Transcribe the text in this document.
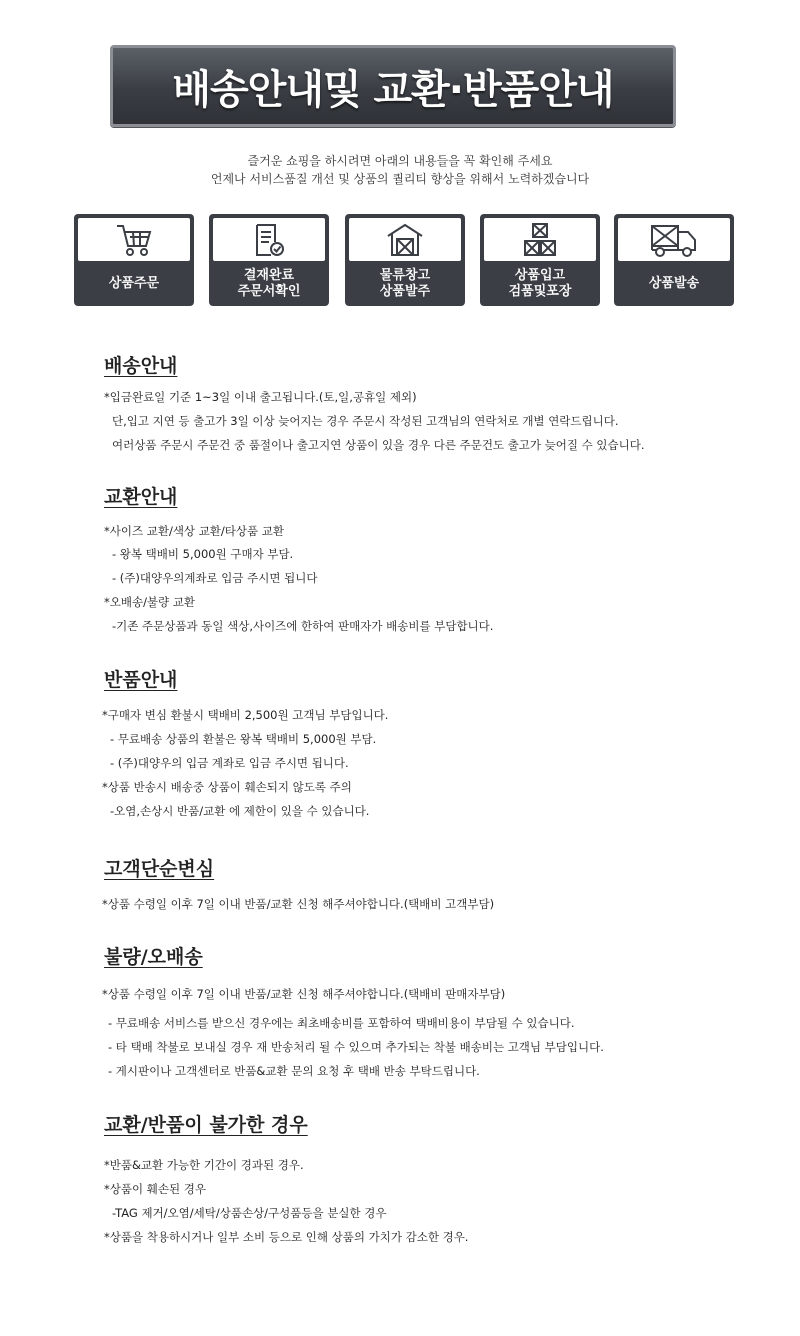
배송안내및 교환·반품안내
즐거운 쇼핑을 하시려면 아래의 내용들을 꼭 확인해 주세요
언제나 서비스품질 개선 및 상품의 퀄리티 향상을 위해서 노력하겠습니다
상품주문
결재완료
주문서확인
물류창고
상품발주
상품입고
검품및포장
상품발송
배송안내
*입금완료일 기준 1~3일 이내 출고됩니다.(토,일,공휴일 제외)
단,입고 지연 등 출고가 3일 이상 늦어지는 경우 주문시 작성된 고객님의 연락처로 개별 연락드립니다.
여러상품 주문시 주문건 중 품절이나 출고지연 상품이 있을 경우 다른 주문건도 출고가 늦어질 수 있습니다.
교환안내
*사이즈 교환/색상 교환/타상품 교환
- 왕복 택배비 5,000원 구매자 부담.
- (주)대양우의계좌로 입금 주시면 됩니다
*오배송/불량 교환
-기존 주문상품과 동일 색상,사이즈에 한하여 판매자가 배송비를 부담합니다.
반품안내
*구매자 변심 환불시 택배비 2,500원 고객님 부담입니다.
- 무료배송 상품의 환불은 왕복 택배비 5,000원 부담.
- (주)대양우의 입금 계좌로 입금 주시면 됩니다.
*상품 반송시 배송중 상품이 훼손되지 않도록 주의
-오염,손상시 반품/교환 에 제한이 있을 수 있습니다.
고객단순변심
*상품 수령일 이후 7일 이내 반품/교환 신청 해주셔야합니다.(택배비 고객부담)
불량/오배송
*상품 수령일 이후 7일 이내 반품/교환 신청 해주셔야합니다.(택배비 판매자부담)
- 무료배송 서비스를 받으신 경우에는 최초배송비를 포함하여 택배비용이 부담될 수 있습니다.
- 타 택배 착불로 보내실 경우 재 반송처리 될 수 있으며 추가되는 착불 배송비는 고객님 부담입니다.
- 게시판이나 고객센터로 반품&교환 문의 요청 후 택배 반송 부탁드립니다.
교환/반품이 불가한 경우
*반품&교환 가능한 기간이 경과된 경우.
*상품이 훼손된 경우
-TAG 제거/오염/세탁/상품손상/구성품등을 분실한 경우
*상품을 착용하시거나 일부 소비 등으로 인해 상품의 가치가 감소한 경우.
